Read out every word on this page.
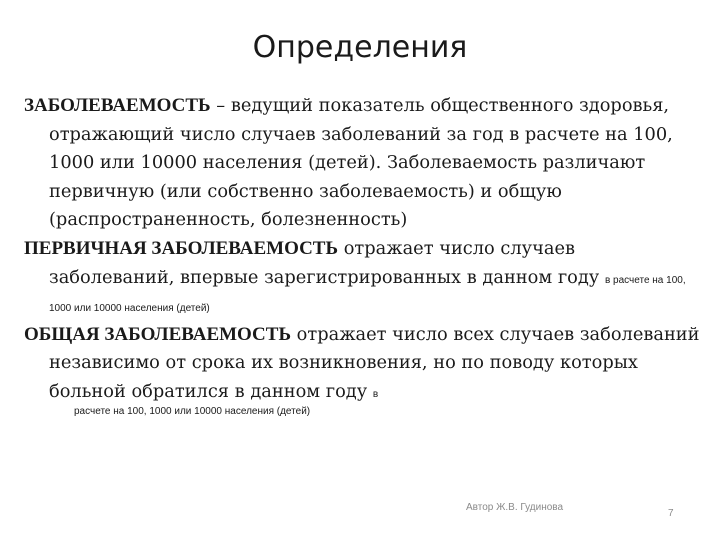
Определения
ЗАБОЛЕВАЕМОСТЬ – ведущий показатель общественного здоровья, отражающий число случаев заболеваний за год в расчете на 100, 1000 или 10000 населения (детей). Заболеваемость различают первичную (или собственно заболеваемость) и общую (распространенность, болезненность)
ПЕРВИЧНАЯ ЗАБОЛЕВАЕМОСТЬ отражает число случаев заболеваний, впервые зарегистрированных в данном году в расчете на 100, 1000 или 10000 населения (детей)
ОБЩАЯ ЗАБОЛЕВАЕМОСТЬ отражает число всех случаев заболеваний независимо от срока их возникновения, но по поводу которых больной обратился в данном году в
расчете на 100, 1000 или 10000 населения (детей)
Автор Ж.В. Гудинова
7
